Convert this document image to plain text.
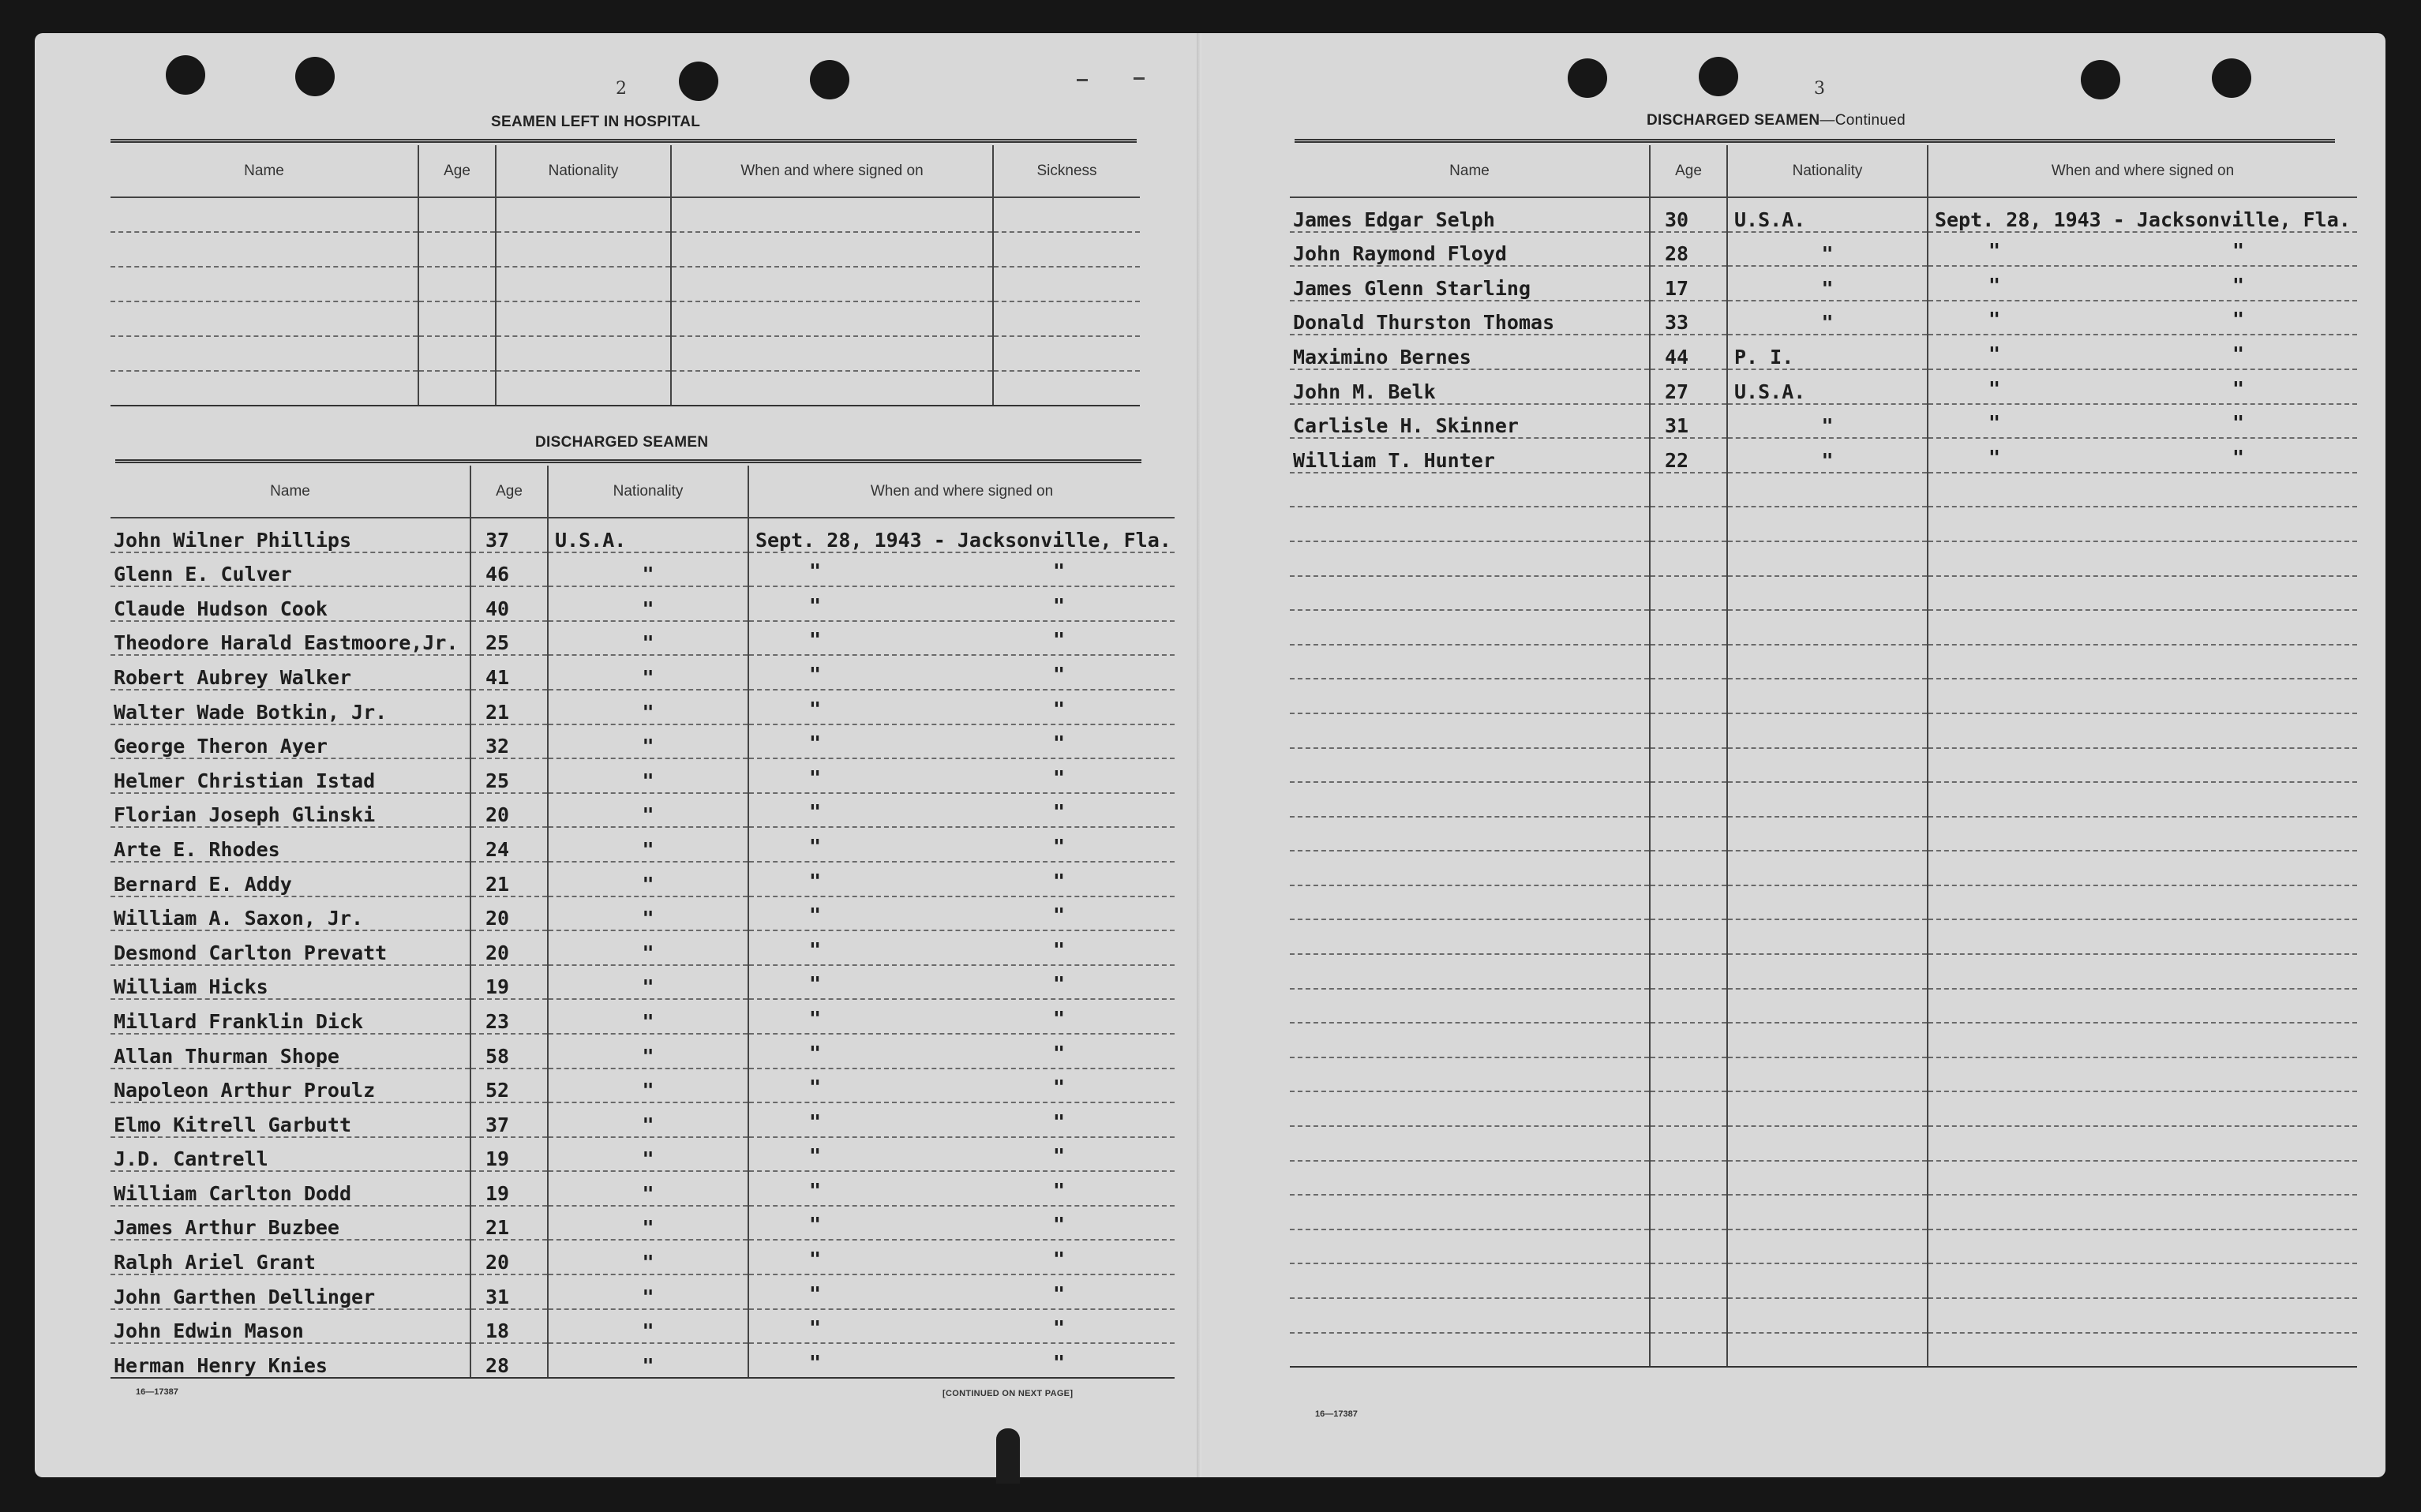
2
SEAMEN LEFT IN HOSPITAL
Name	Age	Nationality	When and where signed on	Sickness

DISCHARGED SEAMEN
Name	Age	Nationality	When and where signed on
John Wilner Phillips	37	U.S.A.	Sept. 28, 1943 - Jacksonville, Fla.
Glenn E. Culver	46	"	" "

Claude Hudson Cook	40	"	" "

Theodore Harald Eastmoore,Jr.	25	"	" "

Robert Aubrey Walker	41	"	" "

Walter Wade Botkin, Jr.	21	"	" "

George Theron Ayer	32	"	" "

Helmer Christian Istad	25	"	" "

Florian Joseph Glinski	20	"	" "

Arte E. Rhodes	24	"	" "

Bernard E. Addy	21	"	" "

William A. Saxon, Jr.	20	"	" "

Desmond Carlton Prevatt	20	"	" "

William Hicks	19	"	" "

Millard Franklin Dick	23	"	" "

Allan Thurman Shope	58	"	" "

Napoleon Arthur Proulz	52	"	" "

Elmo Kitrell Garbutt	37	"	" "

J.D. Cantrell	19	"	" "

William Carlton Dodd	19	"	" "

James Arthur Buzbee	21	"	" "

Ralph Ariel Grant	20	"	" "

John Garthen Dellinger	31	"	" "

John Edwin Mason	18	"	" "

Herman Henry Knies	28	"	" "
16—17387	[CONTINUED ON NEXT PAGE]
3
DISCHARGED SEAMEN—Continued
Name	Age	Nationality	When and where signed on
James Edgar Selph	30	U.S.A.	Sept. 28, 1943 - Jacksonville, Fla.
John Raymond Floyd	28	"	" "

James Glenn Starling	17	"	" "

Donald Thurston Thomas	33	"	" "

Maximino Bernes	44	P. I.	" "

John M. Belk	27	U.S.A.	" "

Carlisle H. Skinner	31	"	" "

William T. Hunter	22	"	" "

16—17387
